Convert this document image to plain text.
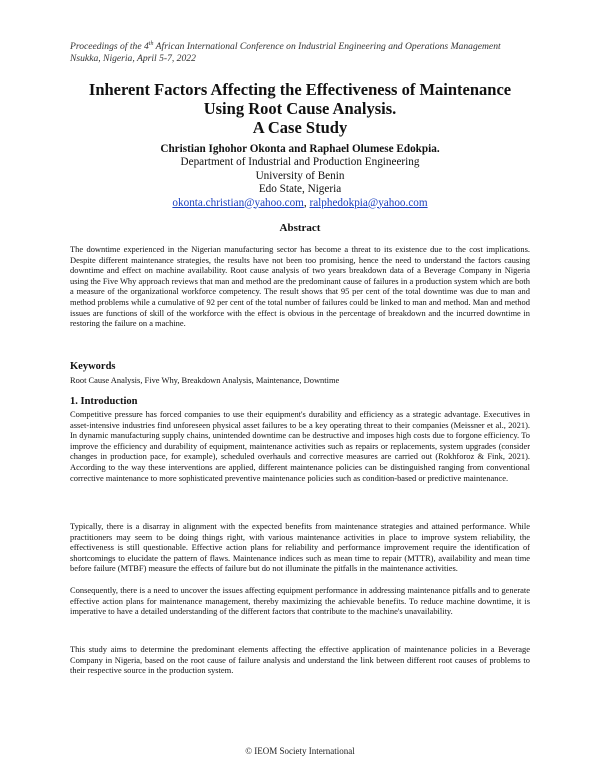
Proceedings of the 4th African International Conference on Industrial Engineering and Operations Management
Nsukka, Nigeria, April 5-7, 2022
Inherent Factors Affecting the Effectiveness of Maintenance
Using Root Cause Analysis.
A Case Study
Christian Ighohor Okonta and Raphael Olumese Edokpia.
Department of Industrial and Production Engineering
University of Benin
Edo State, Nigeria
okonta.christian@yahoo.com, ralphedokpia@yahoo.com
Abstract
The downtime experienced in the Nigerian manufacturing sector has become a threat to its existence due to the cost implications. Despite different maintenance strategies, the results have not been too promising, hence the need to understand the factors causing downtime and effect on machine availability. Root cause analysis of two years breakdown data of a Beverage Company in Nigeria using the Five Why approach reviews that man and method are the predominant cause of failures in a production system which are both a measure of the organizational workforce competency. The result shows that 95 per cent of the total downtime was due to man and method problems while a cumulative of 92 per cent of the total number of failures could be linked to man and method. Man and method issues are functions of skill of the workforce with the effect is obvious in the percentage of breakdown and the incurred downtime in restoring the failure on a machine.
Keywords
Root Cause Analysis, Five Why, Breakdown Analysis, Maintenance, Downtime
1. Introduction
Competitive pressure has forced companies to use their equipment's durability and efficiency as a strategic advantage. Executives in asset-intensive industries find unforeseen physical asset failures to be a key operating threat to their companies (Meissner et al., 2021). In dynamic manufacturing supply chains, unintended downtime can be destructive and imposes high costs due to forgone efficiency. To improve the efficiency and durability of equipment, maintenance activities such as repairs or replacements, system upgrades (consider changes in production pace, for example), scheduled overhauls and corrective measures are carried out (Rokhforoz & Fink, 2021). According to the way these interventions are applied, different maintenance policies can be distinguished ranging from conventional corrective maintenance to more sophisticated preventive maintenance policies such as condition-based or predictive maintenance.
Typically, there is a disarray in alignment with the expected benefits from maintenance strategies and attained performance. While practitioners may seem to be doing things right, with various maintenance activities in place to improve system reliability, the effectiveness is still questionable. Effective action plans for reliability and performance improvement require the identification of shortcomings to elucidate the pattern of flaws. Maintenance indices such as mean time to repair (MTTR), availability and mean time before failure (MTBF) measure the effects of failure but do not illuminate the pitfalls in the maintenance activities.
Consequently, there is a need to uncover the issues affecting equipment performance in addressing maintenance pitfalls and to generate effective action plans for maintenance management, thereby maximizing the achievable benefits. To reduce machine downtime, it is imperative to have a detailed understanding of the different factors that contribute to the machine's unavailability.
This study aims to determine the predominant elements affecting the effective application of maintenance policies in a Beverage Company in Nigeria, based on the root cause of failure analysis and understand the link between different root causes of problems to their respective source in the production system.
© IEOM Society International
